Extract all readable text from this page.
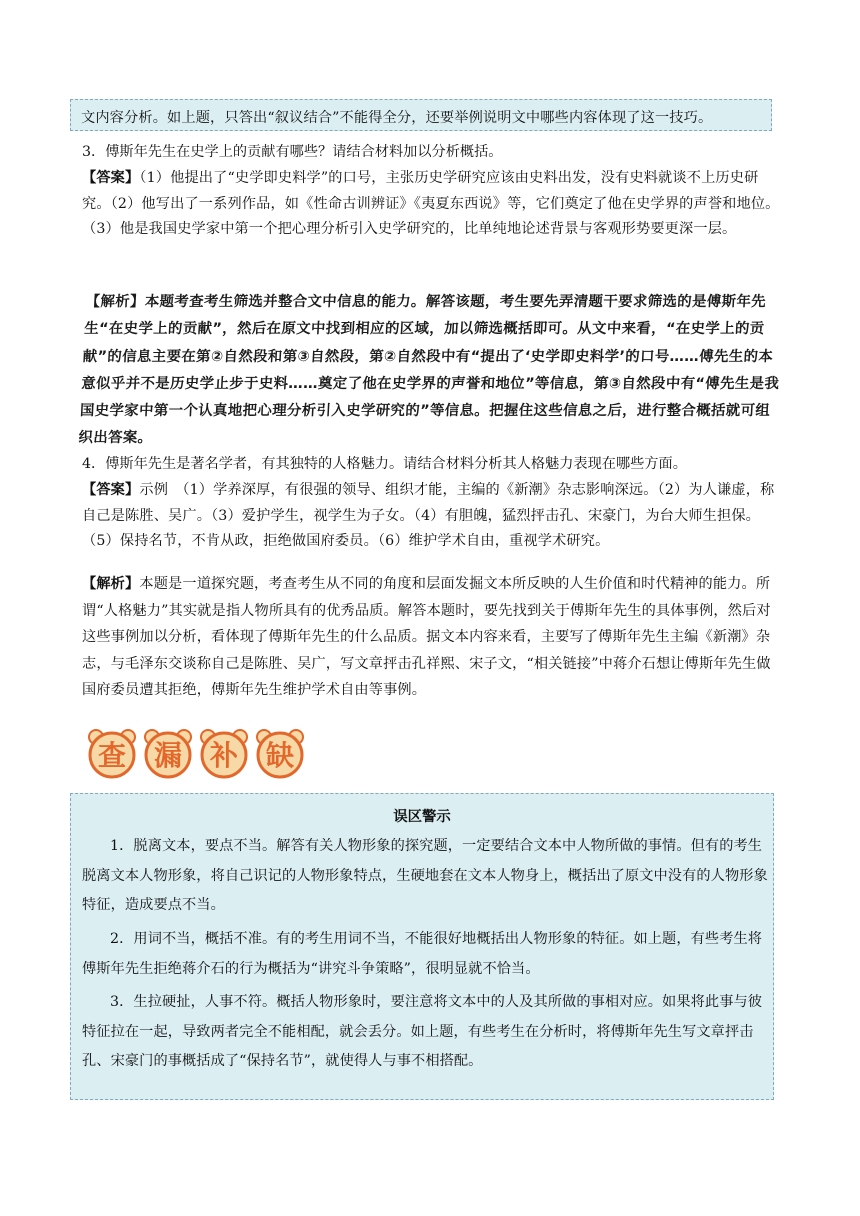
文内容分析。如上题，只答出“叙议结合”不能得全分，还要举例说明文中哪些内容体现了这一技巧。

3．傅斯年先生在史学上的贡献有哪些？请结合材料加以分析概括。

【答案】（1）他提出了“史学即史料学”的口号，主张历史学研究应该由史料出发，没有史料就谈不上历史研究。（2）他写出了一系列作品，如《性命古训辨证》《夷夏东西说》等，它们奠定了他在史学界的声誉和地位。（3）他是我国史学家中第一个把心理分析引入史学研究的，比单纯地论述背景与客观形势要更深一层。

【解析】本题考查考生筛选并整合文中信息的能力。解答该题，考生要先弄清题干要求筛选的是傅斯年先生“在史学上的贡献”，然后在原文中找到相应的区域，加以筛选概括即可。从文中来看，“在史学上的贡献”的信息主要在第②自然段和第③自然段，第②自然段中有“提出了‘史学即史料学’的口号……傅先生的本意似乎并不是历史学止步于史料……奠定了他在史学界的声誉和地位”等信息，第③自然段中有“傅先生是我国史学家中第一个认真地把心理分析引入史学研究的”等信息。把握住这些信息之后，进行整合概括就可组织出答案。

4．傅斯年先生是著名学者，有其独特的人格魅力。请结合材料分析其人格魅力表现在哪些方面。

【答案】示例　（1）学养深厚，有很强的领导、组织才能，主编的《新潮》杂志影响深远。（2）为人谦虚，称自己是陈胜、吴广。（3）爱护学生，视学生为子女。（4）有胆魄，猛烈抨击孔、宋豪门，为台大师生担保。（5）保持名节，不肯从政，拒绝做国府委员。（6）维护学术自由，重视学术研究。

【解析】本题是一道探究题，考查考生从不同的角度和层面发掘文本所反映的人生价值和时代精神的能力。所谓“人格魅力”其实就是指人物所具有的优秀品质。解答本题时，要先找到关于傅斯年先生的具体事例，然后对这些事例加以分析，看体现了傅斯年先生的什么品质。据文本内容来看，主要写了傅斯年先生主编《新潮》杂志，与毛泽东交谈称自己是陈胜、吴广，写文章抨击孔祥熙、宋子文，“相关链接”中蒋介石想让傅斯年先生做国府委员遭其拒绝，傅斯年先生维护学术自由等事例。

查 漏 补 缺
误区警示

1．脱离文本，要点不当。解答有关人物形象的探究题，一定要结合文本中人物所做的事情。但有的考生脱离文本人物形象，将自己识记的人物形象特点，生硬地套在文本人物身上，概括出了原文中没有的人物形象特征，造成要点不当。

2．用词不当，概括不准。有的考生用词不当，不能很好地概括出人物形象的特征。如上题，有些考生将傅斯年先生拒绝蒋介石的行为概括为“讲究斗争策略”，很明显就不恰当。

3．生拉硬扯，人事不符。概括人物形象时，要注意将文本中的人及其所做的事相对应。如果将此事与彼特征拉在一起，导致两者完全不能相配，就会丢分。如上题，有些考生在分析时，将傅斯年先生写文章抨击孔、宋豪门的事概括成了“保持名节”，就使得人与事不相搭配。
